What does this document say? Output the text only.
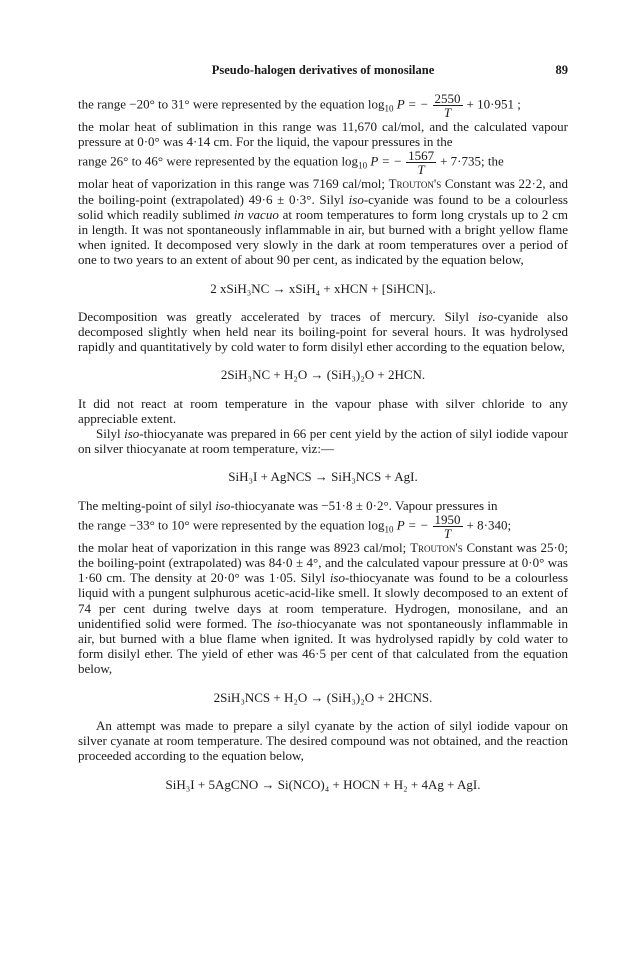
Pseudo-halogen derivatives of monosilane	89
the range −20° to 31° were represented by the equation $\log_{10} P$ = − $\frac{2550}{T} + 10\cdot 951$ ;

the molar heat of sublimation in this range was 11,670 cal/mol, and the calculated vapour pressure at 0·0° was 4·14 cm. For the liquid, the vapour pressures in the

range 26° to 46° were represented by the equation $\log_{10} P$ = − $\frac{1567}{T} + 7\cdot 735$; the

molar heat of vaporization in this range was 7169 cal/mol; Trouton's Constant was 22·2, and the boiling-point (extrapolated) 49·6 ± 0·3°. Silyl iso-cyanide was found to be a colourless solid which readily sublimed in vacuo at room temperatures to form long crystals up to 2 cm in length. It was not spontaneously inflammable in air, but burned with a bright yellow flame when ignited. It decomposed very slowly in the dark at room temperatures over a period of one to two years to an extent of about 90 per cent, as indicated by the equation below,

2 xSiH₃NC → xSiH₄ + xHCN + [SiHCN]ₓ.

Decomposition was greatly accelerated by traces of mercury. Silyl iso-cyanide also decomposed slightly when held near its boiling-point for several hours. It was hydrolysed rapidly and quantitatively by cold water to form disilyl ether according to the equation below,

2SiH₃NC + H₂O → (SiH₃)₂O + 2HCN.

It did not react at room temperature in the vapour phase with silver chloride to any appreciable extent.

Silyl iso-thiocyanate was prepared in 66 per cent yield by the action of silyl iodide vapour on silver thiocyanate at room temperature, viz:—

SiH₃I + AgNCS → SiH₃NCS + AgI.

The melting-point of silyl iso-thiocyanate was −51·8 ± 0·2°. Vapour pressures in

the range −33° to 10° were represented by the equation $\log_{10} P$ = − $\frac{1950}{T} + 8\cdot 340$;

the molar heat of vaporization in this range was 8923 cal/mol; Trouton's Constant was 25·0; the boiling-point (extrapolated) was 84·0 ± 4°, and the calculated vapour pressure at 0·0° was 1·60 cm. The density at 20·0° was 1·05. Silyl iso-thiocyanate was found to be a colourless liquid with a pungent sulphurous acetic-acid-like smell. It slowly decomposed to an extent of 74 per cent during twelve days at room temperature. Hydrogen, monosilane, and an unidentified solid were formed. The iso-thiocyanate was not spontaneously inflammable in air, but burned with a blue flame when ignited. It was hydrolysed rapidly by cold water to form disilyl ether. The yield of ether was 46·5 per cent of that calculated from the equation below,

2SiH₃NCS + H₂O → (SiH₃)₂O + 2HCNS.

An attempt was made to prepare a silyl cyanate by the action of silyl iodide vapour on silver cyanate at room temperature. The desired compound was not obtained, and the reaction proceeded according to the equation below,

SiH₃I + 5AgCNO → Si(NCO)₄ + HOCN + H₂ + 4Ag + AgI.
